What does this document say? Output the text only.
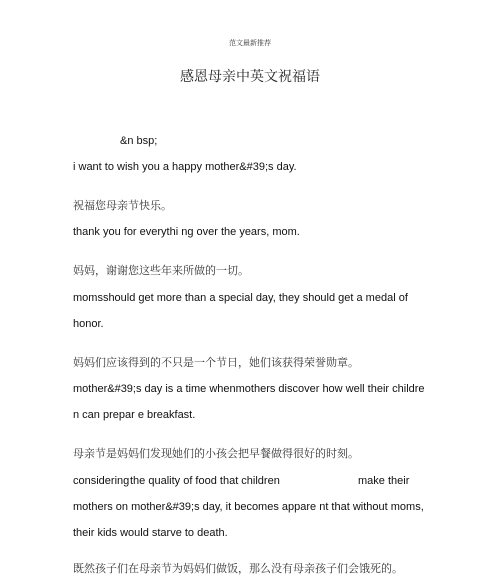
范文最新推荐
感恩母亲中英文祝福语
&n bsp;
i want to wish you a happy mother&#39;s day.
祝福您母亲节快乐。
thank you for everythi ng over the years, mom.
妈妈，谢谢您这些年来所做的一切。
momsshould get more than a special day, they should get a medal of
honor.
妈妈们应该得到的不只是一个节日，她们该获得荣誉勋章。
mother&#39;s day is a time whenmothers discover how well their childre
n can prepar e breakfast.
母亲节是妈妈们发现她们的小孩会把早餐做得很好的时刻。
considering the quality of food that children	make their
mothers on mother&#39;s day, it becomes appare nt that without moms,
their kids would starve to death.
既然孩子们在母亲节为妈妈们做饭，那么没有母亲孩子们会饿死的。
